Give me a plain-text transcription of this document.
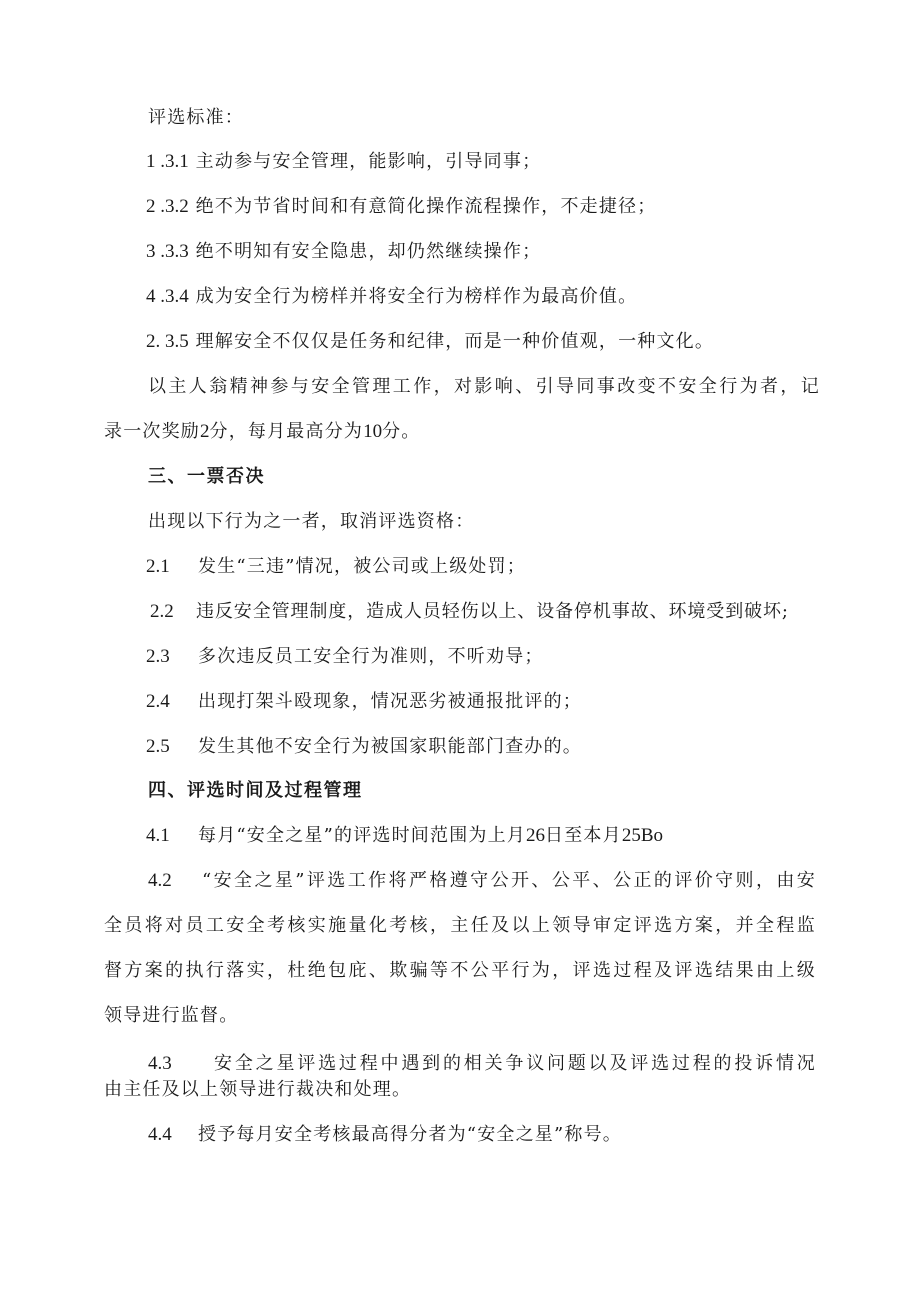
评选标准：
1 .3.1 主动参与安全管理，能影响，引导同事；
2 .3.2 绝不为节省时间和有意简化操作流程操作，不走捷径；
3 .3.3 绝不明知有安全隐患，却仍然继续操作；
4 .3.4 成为安全行为榜样并将安全行为榜样作为最高价值。
2. 3.5 理解安全不仅仅是任务和纪律，而是一种价值观，一种文化。
以主人翁精神参与安全管理工作，对影响、引导同事改变不安全行为者，记
录一次奖励2分，每月最高分为10分。
三、一票否决
出现以下行为之一者，取消评选资格：
2.1 发生“三违”情况，被公司或上级处罚；
2.2 违反安全管理制度，造成人员轻伤以上、设备停机事故、环境受到破坏;
2.3 多次违反员工安全行为准则，不听劝导；
2.4 出现打架斗殴现象，情况恶劣被通报批评的；
2.5 发生其他不安全行为被国家职能部门查办的。
四、评选时间及过程管理
4.1 每月“安全之星”的评选时间范围为上月26日至本月25Bo
4.2 “安全之星”评选工作将严格遵守公开、公平、公正的评价守则，由安
全员将对员工安全考核实施量化考核，主任及以上领导审定评选方案，并全程监
督方案的执行落实，杜绝包庇、欺骗等不公平行为，评选过程及评选结果由上级
领导进行监督。
4.3 安全之星评选过程中遇到的相关争议问题以及评选过程的投诉情况
由主任及以上领导进行裁决和处理。
4.4 授予每月安全考核最高得分者为“安全之星”称号。
